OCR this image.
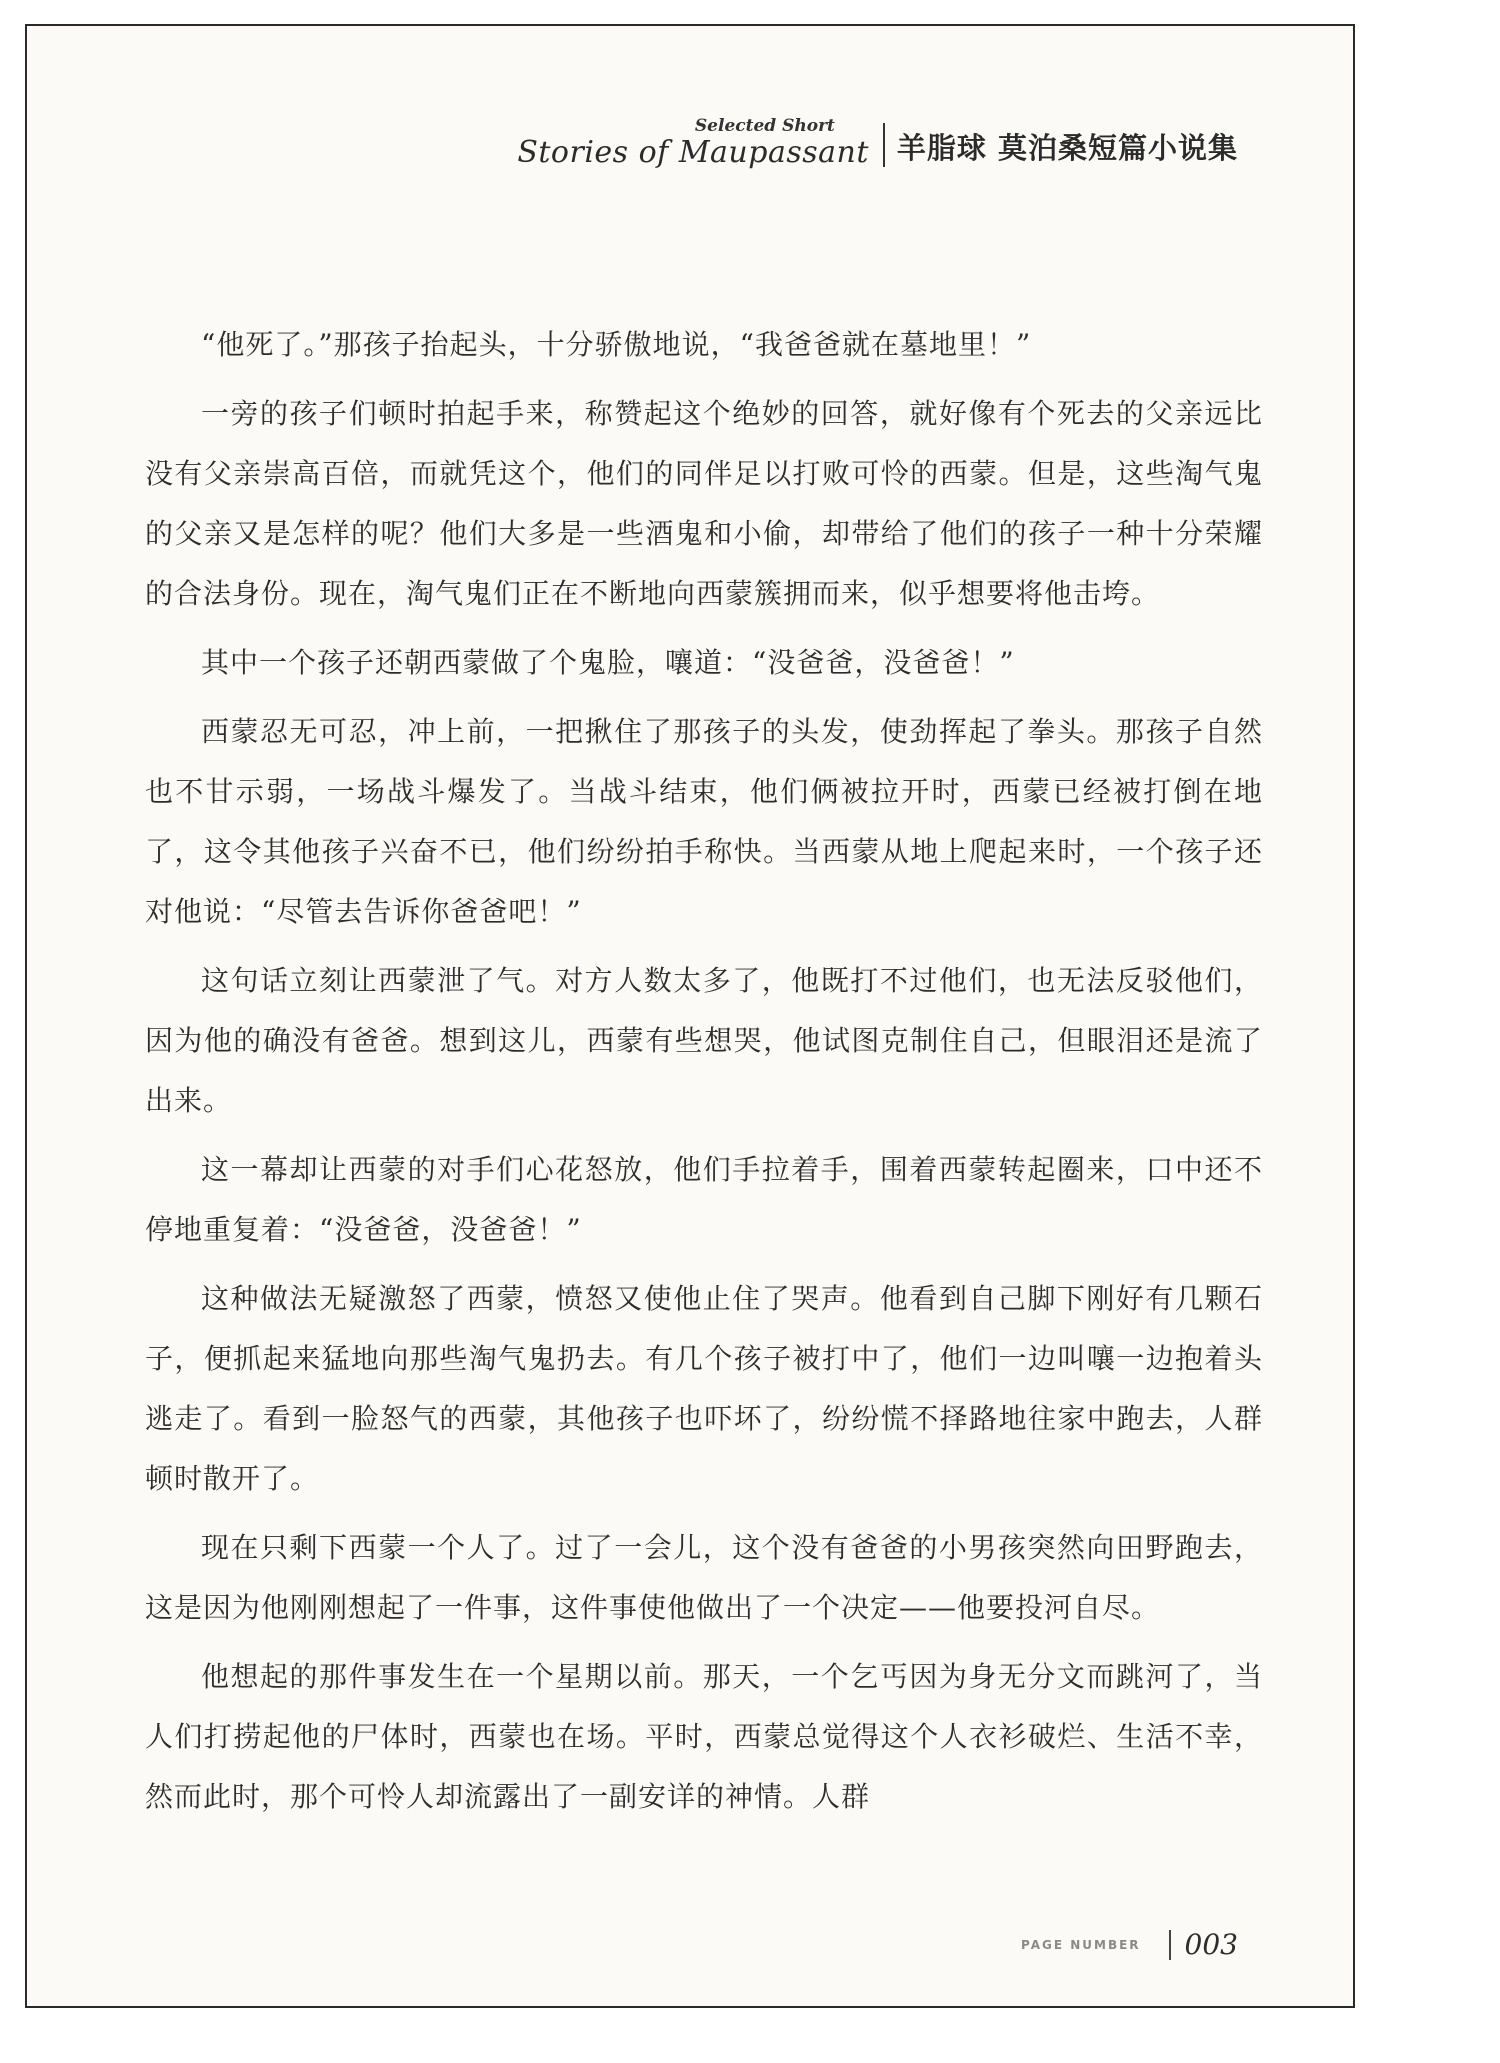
Selected Short
Stories of Maupassant 羊脂球 莫泊桑短篇小说集

“他死了。”那孩子抬起头，十分骄傲地说，“我爸爸就在墓地里！”

一旁的孩子们顿时拍起手来，称赞起这个绝妙的回答，就好像有个死去的父亲远比没有父亲崇高百倍，而就凭这个，他们的同伴足以打败可怜的西蒙。但是，这些淘气鬼的父亲又是怎样的呢？他们大多是一些酒鬼和小偷，却带给了他们的孩子一种十分荣耀的合法身份。现在，淘气鬼们正在不断地向西蒙簇拥而来，似乎想要将他击垮。

其中一个孩子还朝西蒙做了个鬼脸，嚷道：“没爸爸，没爸爸！”

西蒙忍无可忍，冲上前，一把揪住了那孩子的头发，使劲挥起了拳头。那孩子自然也不甘示弱，一场战斗爆发了。当战斗结束，他们俩被拉开时，西蒙已经被打倒在地了，这令其他孩子兴奋不已，他们纷纷拍手称快。当西蒙从地上爬起来时，一个孩子还对他说：“尽管去告诉你爸爸吧！”

这句话立刻让西蒙泄了气。对方人数太多了，他既打不过他们，也无法反驳他们，因为他的确没有爸爸。想到这儿，西蒙有些想哭，他试图克制住自己，但眼泪还是流了出来。

这一幕却让西蒙的对手们心花怒放，他们手拉着手，围着西蒙转起圈来，口中还不停地重复着：“没爸爸，没爸爸！”

这种做法无疑激怒了西蒙，愤怒又使他止住了哭声。他看到自己脚下刚好有几颗石子，便抓起来猛地向那些淘气鬼扔去。有几个孩子被打中了，他们一边叫嚷一边抱着头逃走了。看到一脸怒气的西蒙，其他孩子也吓坏了，纷纷慌不择路地往家中跑去，人群顿时散开了。

现在只剩下西蒙一个人了。过了一会儿，这个没有爸爸的小男孩突然向田野跑去，这是因为他刚刚想起了一件事，这件事使他做出了一个决定——他要投河自尽。

他想起的那件事发生在一个星期以前。那天，一个乞丐因为身无分文而跳河了，当人们打捞起他的尸体时，西蒙也在场。平时，西蒙总觉得这个人衣衫破烂、生活不幸，然而此时，那个可怜人却流露出了一副安详的神情。人群

PAGE NUMBER 003
